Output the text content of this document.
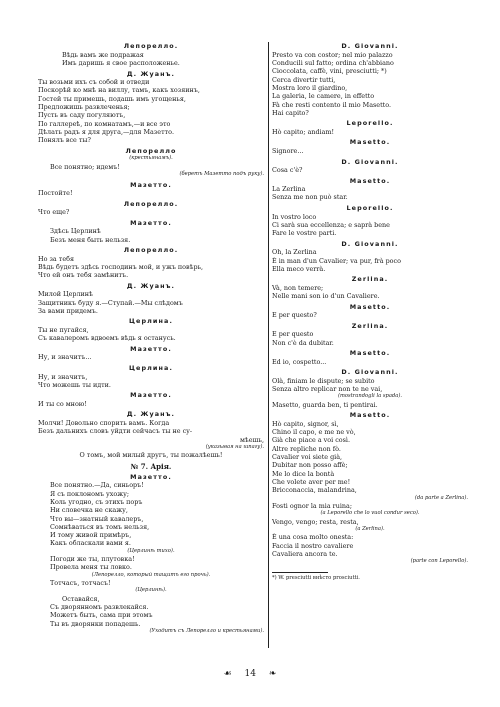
Лепорелло.
Вѣдь вамъ же подражая
Имъ даришь я свое расположенье.
Д. Жуанъ.
Ты возьми ихъ съ собой и отведи
Поскорѣй ко мнѣ на виллу, тамъ, какъ хозяинъ,
Гостей ты примешь, подашь имъ угощенья,
Предложишь развлеченья;
Пусть въ саду погуляютъ,
По галлереѣ, по комнатамъ,—и все это
Дѣлать радъ я для друга,—для Мазетто.
Понялъ все ты?
Лепорелло
(крестьянамъ).
Все понятно; идемъ!
(беретъ Мазетто подъ руку).
Мазетто.
Постойте!
Лепорелло.
Что еще?
Мазетто.
Здѣсь Церлинѣ
Безъ меня быть нельзя.
Лепорелло.
Но за тебя
Вѣдь будетъ здѣсь господинъ мой, и ужъ повѣрь,
Что ей онъ тебя замѣнитъ.
Д. Жуанъ.
Милой Церлинѣ
Защитникъ буду я.—Ступай.—Мы слѣдомъ
За вами придемъ.
Церлина.
Ты не пугайся,
Съ кавалеромъ вдвоемъ вѣдь я останусь.
Мазетто.
Ну, и значитъ...
Церлина.
Ну, и значитъ,
Что можешь ты идти.
Мазетто.
И ты со мною!
Д. Жуанъ.
Молчи! Довольно спорить вамъ. Когда
Безъ дальнихъ словъ уйдти сейчасъ ты не су-
мѣешь,
(указывая на шпагу).
О томъ, мой милый другъ, ты пожалѣешь!
№ 7. Арія.
Мазетто.
Все понятно.—Да, синьоръ!
Я съ поклономъ ухожу;
Коль угодно, съ этихъ поръ
Ни словечка не скажу,
Что вы—знатный кавалеръ,
Сомнѣваться въ томъ нельзя,
И тому живой примѣръ,
Какъ обласкали вами я.
(Церлинѣ тихо).
Погоди же ты, плутовка!
Провела меня ты ловко.
(Лепорелло, который тащитъ его прочь).
Тотчасъ, тотчасъ!
(Церлинѣ).
Оставайся,
Съ дворянномъ развлекайся.
Можетъ быть, сама при этомъ
Ты въ дворянки попадешь.
(Уходитъ съ Лепорелло и крестьянами).
D. Giovanni.
Presto va con costor; nel mio palazzo
Conducili sul fatto; ordina ch'abbiano
Cioccolata, caffè, vini, presciutti; *)
Cerca divertir tutti,
Mostra loro il giardino,
La galeria, le camere, in effetto
Fà che resti contento il mio Masetto.
Hai capito?
Leporello.
Hò capito; andiam!
Masetto.
Signore...
D. Giovanni.
Cosa c'è?
Masetto.
La Zerlina
Senza me non può star.
Leporello.
In vostro loco
Ci sarà sua eccellenza; e saprà bene
Fare le vostre parti.
D. Giovanni.
Oh, la Zerlina
È in man d'un Cavalier; va pur, frà poco
Ella meco verrà.
Zerlina.
Và, non temere;
Nelle mani son io d'un Cavaliere.
Masetto.
E per questo?
Zerlina.
E per questo
Non c'è da dubitar.
Masetto.
Ed io, cospetto...
D. Giovanni.
Olà, finiam le dispute; se subito
Senza altro replicar non te ne vai,
(mostrandogli la spada).
Masetto, guarda ben, ti pentirai.
Masetto.
Hò capito, signor, sì,
Chino il capo, e me ne vò,
Già che piace a voi così.
Altre repliche non fò.
Cavalier voi siete già,
Dubitar non posso affè;
Me lo dice la bontà
Che volete aver per me!
Bricconaccia, malandrina,
(da parte a Zerlina).
Fosti ognor la mia ruina;
(a Leporello che lo vuol condur seco).
Vengo, vengo; resta, resta,
(a Zerlina).
È una cosa molto onesta:
Faccia il nostro cavaliere
Cavaliera ancora te.
(parte con Leporello).
*) W. presciutti внѣсто prosciutti.
☙ 14 ❧
